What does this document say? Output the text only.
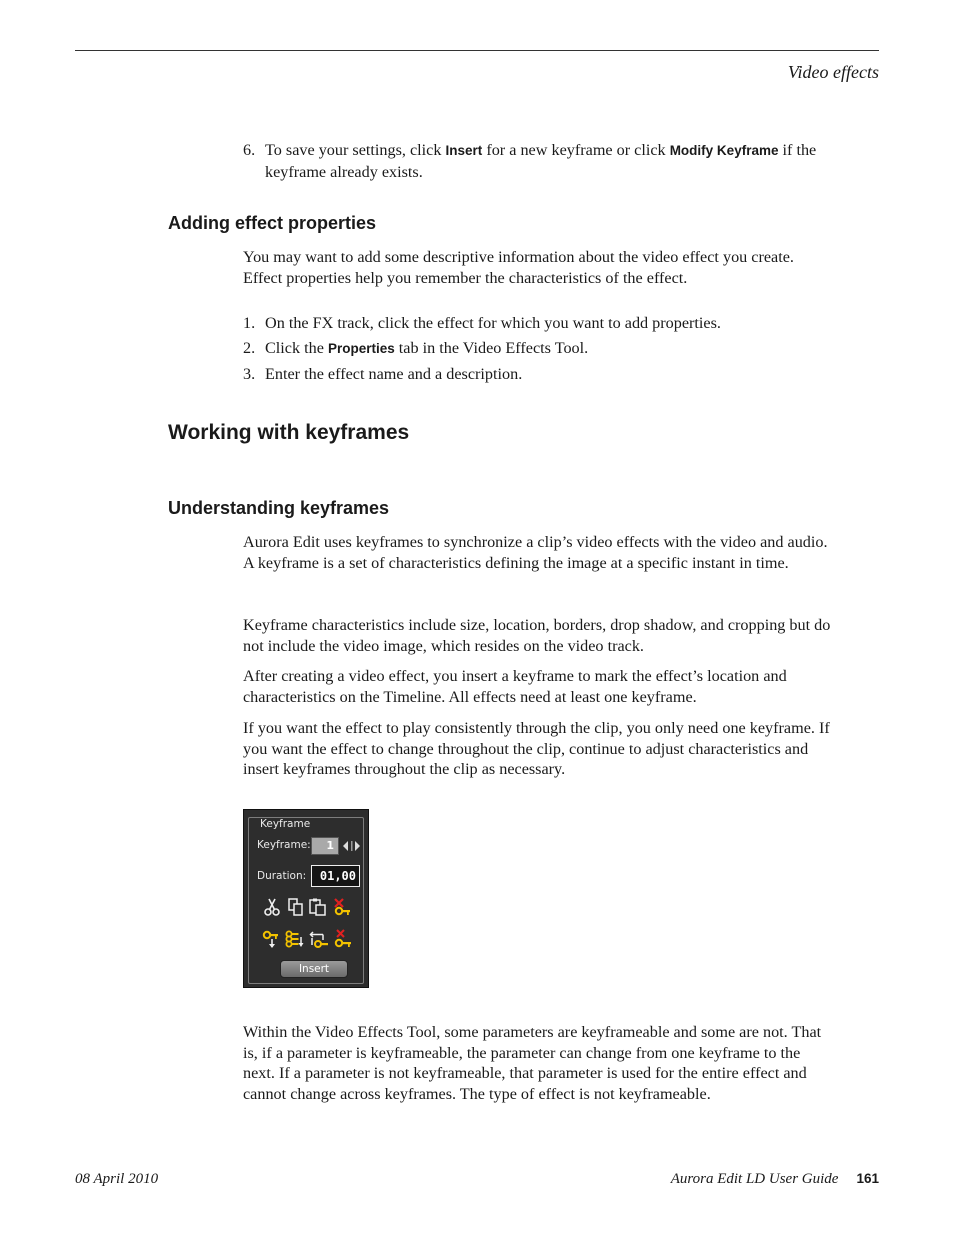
Video effects
6. To save your settings, click Insert for a new keyframe or click Modify Keyframe if the keyframe already exists.
Adding effect properties
You may want to add some descriptive information about the video effect you create. Effect properties help you remember the characteristics of the effect.
1. On the FX track, click the effect for which you want to add properties.
2. Click the Properties tab in the Video Effects Tool.
3. Enter the effect name and a description.
Working with keyframes
Understanding keyframes
Aurora Edit uses keyframes to synchronize a clip’s video effects with the video and audio. A keyframe is a set of characteristics defining the image at a specific instant in time.
Keyframe characteristics include size, location, borders, drop shadow, and cropping but do not include the video image, which resides on the video track.
After creating a video effect, you insert a keyframe to mark the effect’s location and characteristics on the Timeline. All effects need at least one keyframe.
If you want the effect to play consistently through the clip, you only need one keyframe. If you want the effect to change throughout the clip, continue to adjust characteristics and insert keyframes throughout the clip as necessary.
Keyframe
Keyframe:	1
Duration:	01,00
Insert
Within the Video Effects Tool, some parameters are keyframeable and some are not. That is, if a parameter is keyframeable, the parameter can change from one keyframe to the next. If a parameter is not keyframeable, that parameter is used for the entire effect and cannot change across keyframes. The type of effect is not keyframeable.
08 April 2010	Aurora Edit LD User Guide 161
